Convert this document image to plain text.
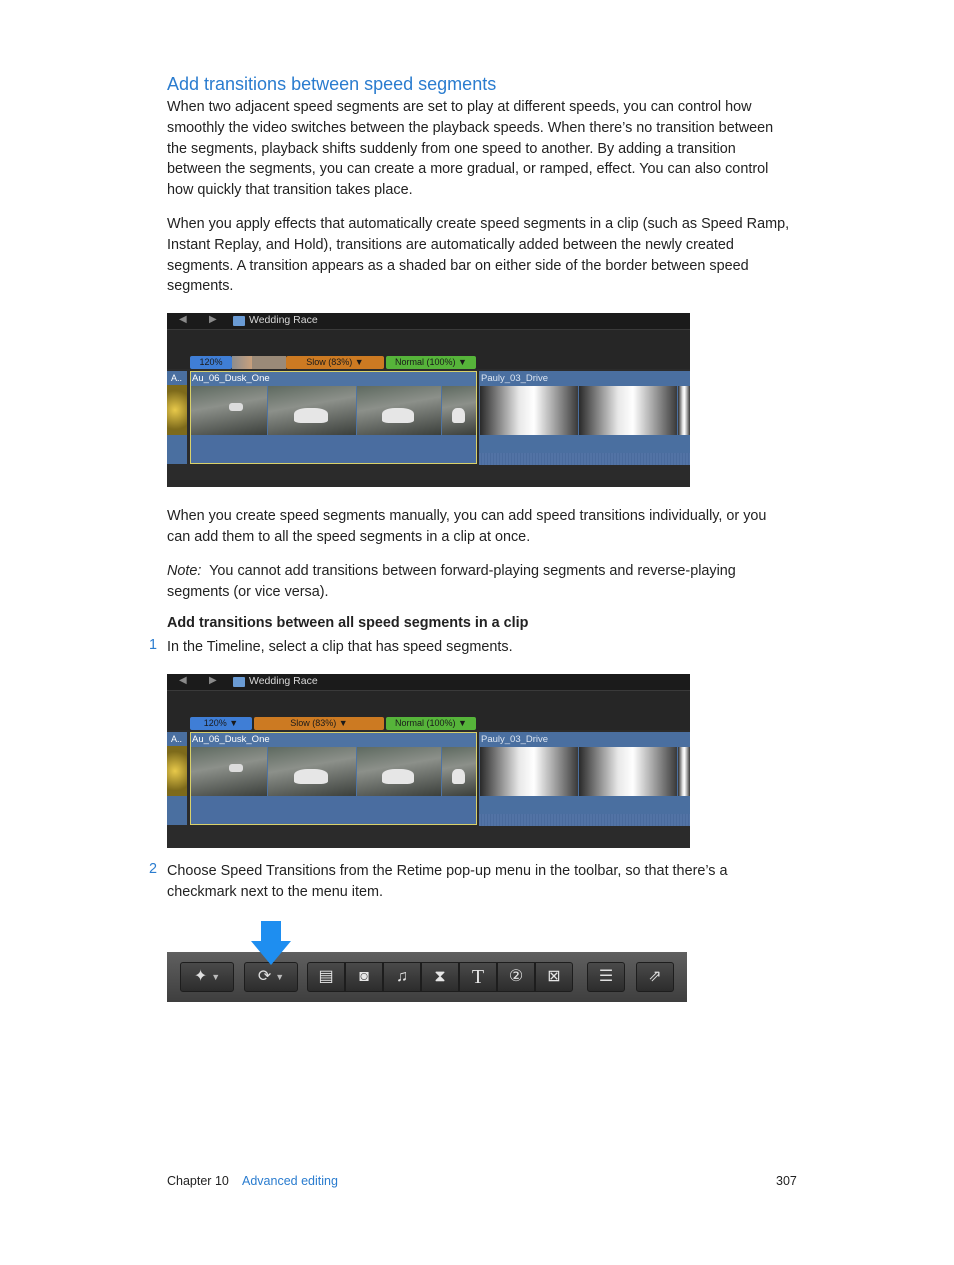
Add transitions between speed segments
When two adjacent speed segments are set to play at different speeds, you can control how smoothly the video switches between the playback speeds. When there’s no transition between the segments, playback shifts suddenly from one speed to another. By adding a transition between the segments, you can create a more gradual, or ramped, effect. You can also control how quickly that transition takes place.
When you apply effects that automatically create speed segments in a clip (such as Speed Ramp, Instant Replay, and Hold), transitions are automatically added between the newly created segments. A transition appears as a shaded bar on either side of the border between speed segments.
◀ ▶	Wedding Race
120%	Slow (83%) ▼	Normal (100%) ▼
A.. Au_06_Dusk_One	Pauly_03_Drive
When you create speed segments manually, you can add speed transitions individually, or you can add them to all the speed segments in a clip at once.
Note: You cannot add transitions between forward-playing segments and reverse-playing segments (or vice versa).
Add transitions between all speed segments in a clip
1 In the Timeline, select a clip that has speed segments.
◀ ▶	Wedding Race
120% ▼	Slow (83%) ▼	Normal (100%) ▼
A.. Au_06_Dusk_One	Pauly_03_Drive
2 Choose Speed Transitions from the Retime pop-up menu in the toolbar, so that there’s a checkmark next to the menu item.
✦ ▼	⟳ ▼	▤	◙	♫	⧗	T	②	⊠	☰	⇗
Chapter 10 Advanced editing	307
